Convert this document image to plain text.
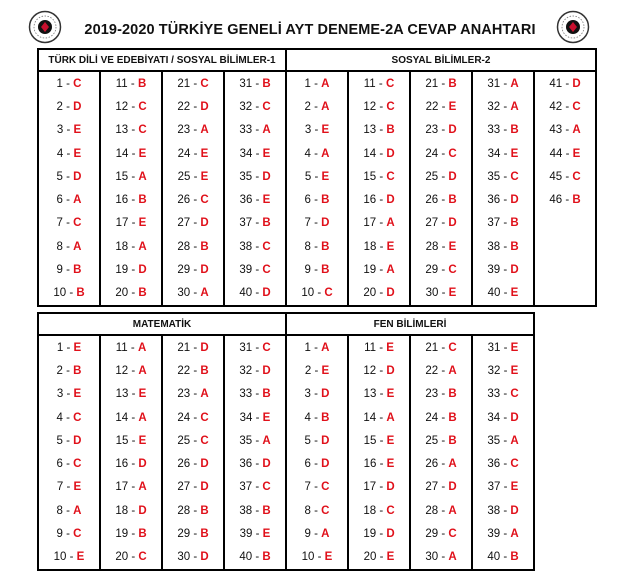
2019-2020 TÜRKİYE GENELİ AYT DENEME-2A CEVAP ANAHTARI
TÜRK DİLİ VE EDEBİYATI / SOSYAL BİLİMLER-1				SOSYAL BİLİMLER-2				
1 - C	11 - B	21 - C	31 - B	1 - A	11 - C	21 - B	31 - A	41 - D
2 - D	12 - C	22 - D	32 - C	2 - A	12 - C	22 - E	32 - A	42 - C
3 - E	13 - C	23 - A	33 - A	3 - E	13 - B	23 - D	33 - B	43 - A
4 - E	14 - E	24 - E	34 - E	4 - A	14 - D	24 - C	34 - E	44 - E
5 - D	15 - A	25 - E	35 - D	5 - E	15 - C	25 - D	35 - C	45 - C
6 - A	16 - B	26 - C	36 - E	6 - B	16 - D	26 - B	36 - D	46 - B
7 - C	17 - E	27 - D	37 - B	7 - D	17 - A	27 - D	37 - B	
8 - A	18 - A	28 - B	38 - C	8 - B	18 - E	28 - E	38 - B	
9 - B	19 - D	29 - D	39 - C	9 - B	19 - A	29 - C	39 - D	
10 - B	20 - B	30 - A	40 - D	10 - C	20 - D	30 - E	40 - E	
MATEMATİK				FEN BİLİMLERİ			
1 - E	11 - A	21 - D	31 - C	1 - A	11 - E	21 - C	31 - E
2 - B	12 - A	22 - B	32 - D	2 - E	12 - D	22 - A	32 - E
3 - E	13 - E	23 - A	33 - B	3 - D	13 - E	23 - B	33 - C
4 - C	14 - A	24 - C	34 - E	4 - B	14 - A	24 - B	34 - D
5 - D	15 - E	25 - C	35 - A	5 - D	15 - E	25 - B	35 - A
6 - C	16 - D	26 - D	36 - D	6 - D	16 - E	26 - A	36 - C
7 - E	17 - A	27 - D	37 - C	7 - C	17 - D	27 - D	37 - E
8 - A	18 - D	28 - B	38 - B	8 - C	18 - C	28 - A	38 - D
9 - C	19 - B	29 - B	39 - E	9 - A	19 - D	29 - C	39 - A
10 - E	20 - C	30 - D	40 - B	10 - E	20 - E	30 - A	40 - B
